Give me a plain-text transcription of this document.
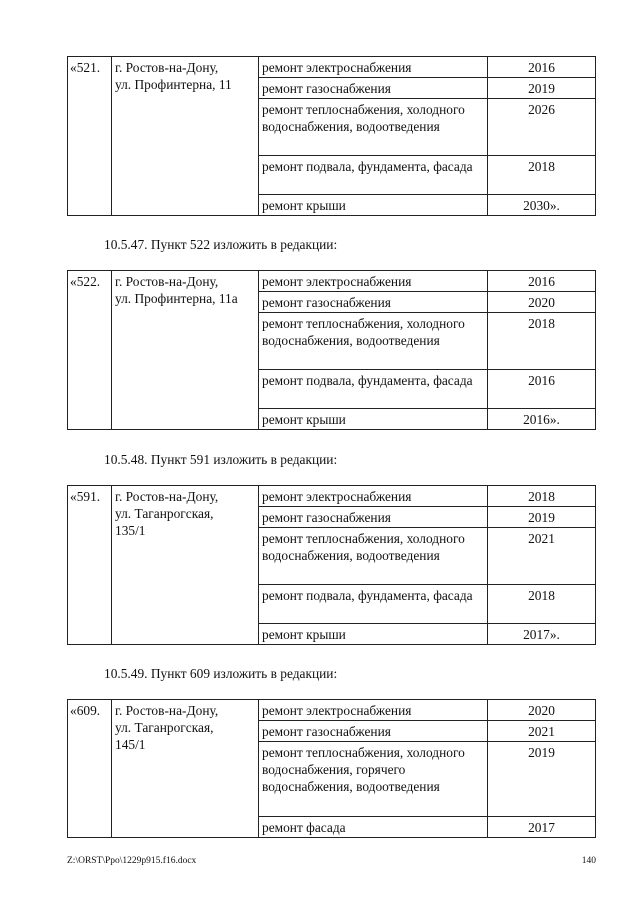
«521.	г. Ростов-на-Дону,
ул. Профинтерна, 11	ремонт электроснабжения	2016
		ремонт газоснабжения	2019
		ремонт теплоснабжения, холодного водоснабжения, водоотведения	2026
		ремонт подвала, фундамента, фасада	2018
		ремонт крыши	2030».
10.5.47. Пункт 522 изложить в редакции:
«522.	г. Ростов-на-Дону,
ул. Профинтерна, 11а	ремонт электроснабжения	2016
		ремонт газоснабжения	2020
		ремонт теплоснабжения, холодного водоснабжения, водоотведения	2018
		ремонт подвала, фундамента, фасада	2016
		ремонт крыши	2016».
10.5.48. Пункт 591 изложить в редакции:
«591.	г. Ростов-на-Дону,
ул. Таганрогская,
135/1	ремонт электроснабжения	2018
		ремонт газоснабжения	2019
		ремонт теплоснабжения, холодного водоснабжения, водоотведения	2021
		ремонт подвала, фундамента, фасада	2018
		ремонт крыши	2017».
10.5.49. Пункт 609 изложить в редакции:
«609.	г. Ростов-на-Дону,
ул. Таганрогская,
145/1	ремонт электроснабжения	2020
		ремонт газоснабжения	2021
		ремонт теплоснабжения, холодного водоснабжения, горячего водоснабжения, водоотведения	2019
		ремонт фасада	2017
Z:\ORST\Ppo\1229p915.f16.docx	140
